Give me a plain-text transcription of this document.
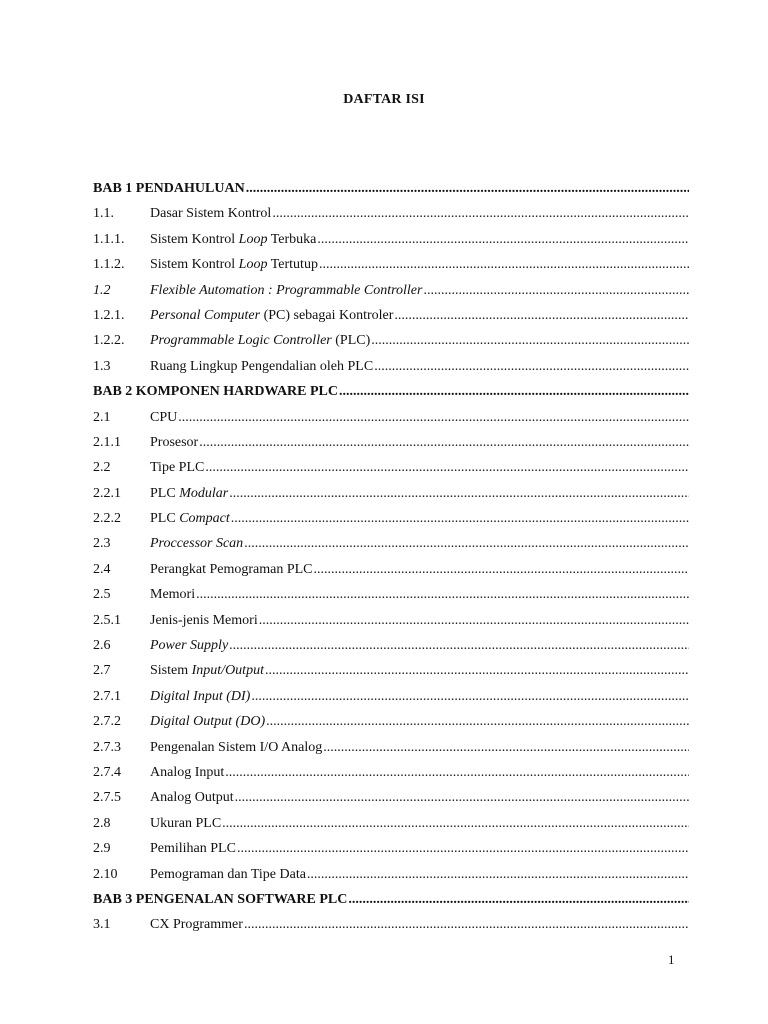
DAFTAR ISI
BAB 1 PENDAHULUAN
.....
1.1.	Dasar Sistem Kontrol
.....
1.1.1.	Sistem Kontrol Loop Terbuka
.....
1.1.2.	Sistem Kontrol Loop Tertutup
.....
1.2	Flexible Automation : Programmable Controller
.....
1.2.1.	Personal Computer (PC) sebagai Kontroler
.....
1.2.2.	Programmable Logic Controller (PLC)
.....
1.3	Ruang Lingkup Pengendalian oleh PLC
.....
BAB 2 KOMPONEN HARDWARE PLC
.....
2.1	CPU
.....
2.1.1	Prosesor
.....
2.2	Tipe PLC
.....
2.2.1	PLC Modular
.....
2.2.2	PLC Compact
.....
2.3	Proccessor Scan
.....
2.4	Perangkat Pemograman PLC
.....
2.5	Memori
.....
2.5.1	Jenis-jenis Memori
.....
2.6	Power Supply
.....
2.7	Sistem Input/Output
.....
2.7.1	Digital Input (DI)
.....
2.7.2	Digital Output (DO)
.....
2.7.3	Pengenalan Sistem I/O Analog
.....
2.7.4	Analog Input
.....
2.7.5	Analog Output
.....
2.8	Ukuran PLC
.....
2.9	Pemilihan PLC
.....
2.10	Pemograman dan Tipe Data
.....
BAB 3 PENGENALAN SOFTWARE PLC
.....
3.1	CX Programmer
.....
1
